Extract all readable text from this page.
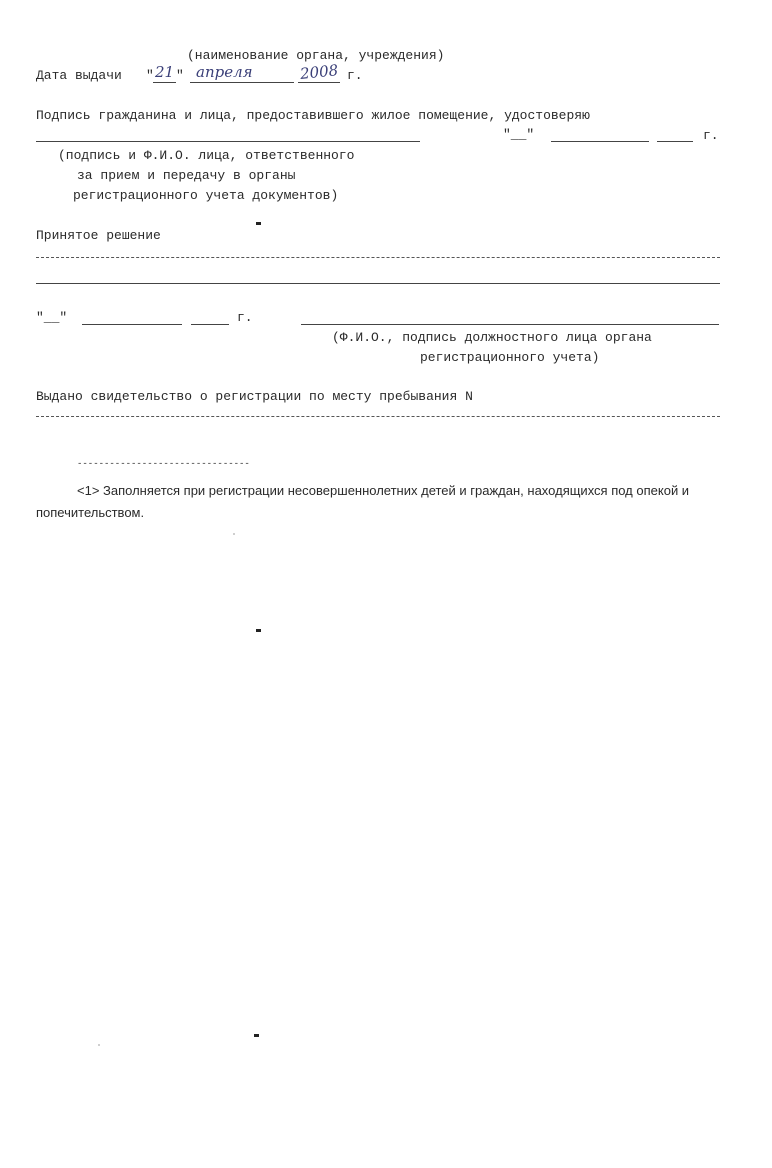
(наименование органа, учреждения)
Дата выдачи " 21 " апреля	2008 г.
Подпись гражданина и лица, предоставившего жилое помещение, удостоверяю
"__"	г.
(подпись и Ф.И.О. лица, ответственного
за прием и передачу в органы
регистрационного учета документов)
Принятое решение
"__"	г.
(Ф.И.О., подпись должностного лица органа
регистрационного учета)
Выдано свидетельство о регистрации по месту пребывания N
--------------------------------
<1> Заполняется при регистрации несовершеннолетних детей и граждан, находящихся под опекой и
попечительством.
